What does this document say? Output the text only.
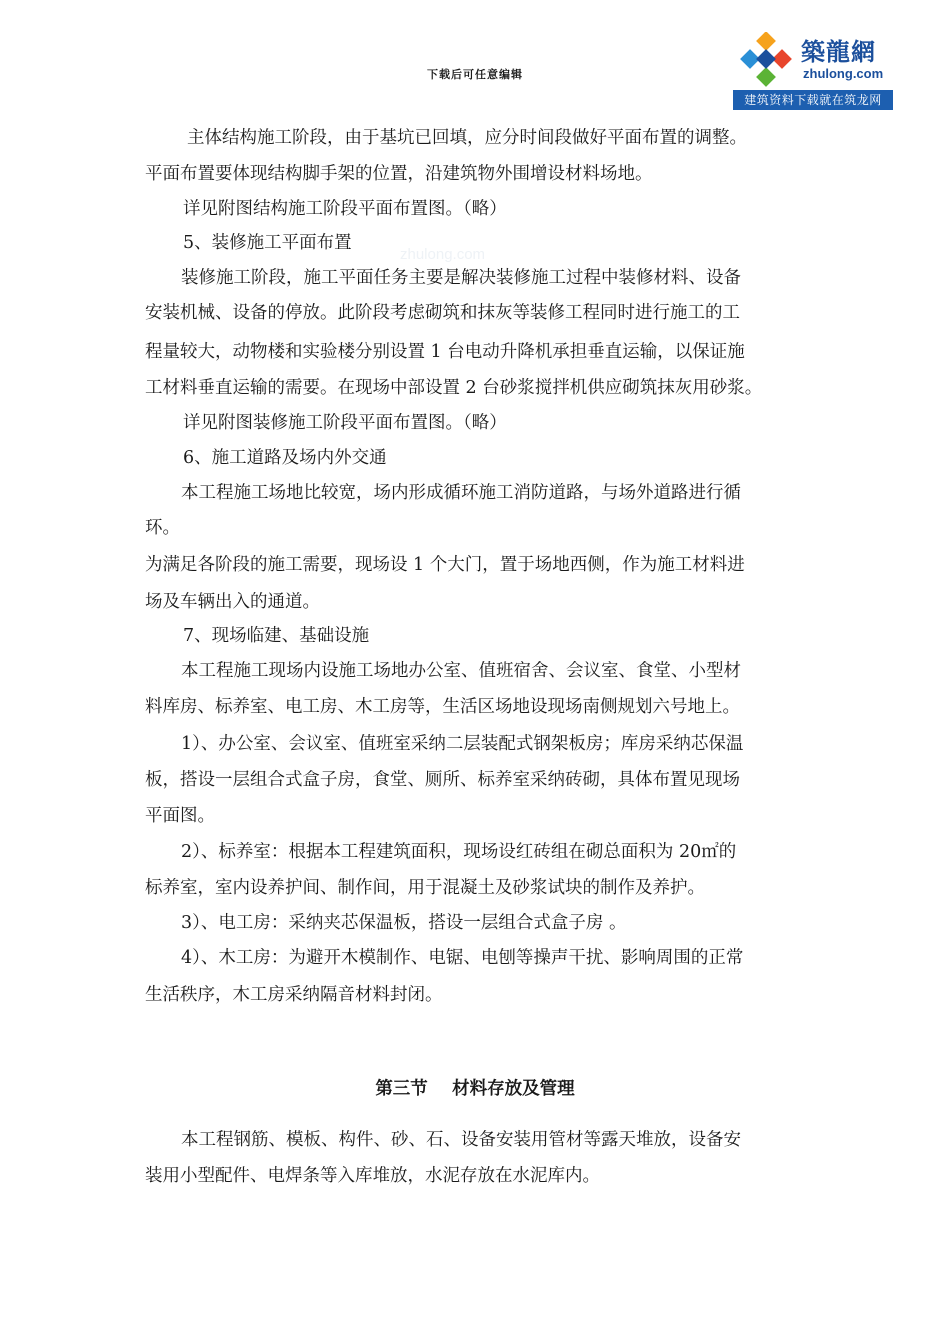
下载后可任意编辑
築龍網
zhulong.com
建筑资料下载就在筑龙网
zhulong.com
主体结构施工阶段，由于基坑已回填，应分时间段做好平面布置的调整。
平面布置要体现结构脚手架的位置，沿建筑物外围增设材料场地。
详见附图结构施工阶段平面布置图。（略）
5、装修施工平面布置
装修施工阶段，施工平面任务主要是解决装修施工过程中装修材料、设备
安装机械、设备的停放。此阶段考虑砌筑和抹灰等装修工程同时进行施工的工
程量较大，动物楼和实验楼分别设置 1 台电动升降机承担垂直运输，以保证施
工材料垂直运输的需要。在现场中部设置 2 台砂浆搅拌机供应砌筑抹灰用砂浆。
详见附图装修施工阶段平面布置图。（略）
6、施工道路及场内外交通
本工程施工场地比较宽，场内形成循环施工消防道路，与场外道路进行循
环。
为满足各阶段的施工需要，现场设 1 个大门，置于场地西侧，作为施工材料进
场及车辆出入的通道。
7、现场临建、基础设施
本工程施工现场内设施工场地办公室、值班宿舍、会议室、食堂、小型材
料库房、标养室、电工房、木工房等，生活区场地设现场南侧规划六号地上。
1）、办公室、会议室、值班室采纳二层装配式钢架板房；库房采纳芯保温
板，搭设一层组合式盒子房，食堂、厕所、标养室采纳砖砌，具体布置见现场
平面图。
2）、标养室：根据本工程建筑面积，现场设红砖组在砌总面积为 20㎡的
标养室，室内设养护间、制作间，用于混凝土及砂浆试块的制作及养护。
3）、电工房：采纳夹芯保温板，搭设一层组合式盒子房 。
4）、木工房：为避开木模制作、电锯、电刨等操声干扰、影响周围的正常
生活秩序，木工房采纳隔音材料封闭。
第三节    材料存放及管理
本工程钢筋、模板、构件、砂、石、设备安装用管材等露天堆放，设备安
装用小型配件、电焊条等入库堆放，水泥存放在水泥库内。
